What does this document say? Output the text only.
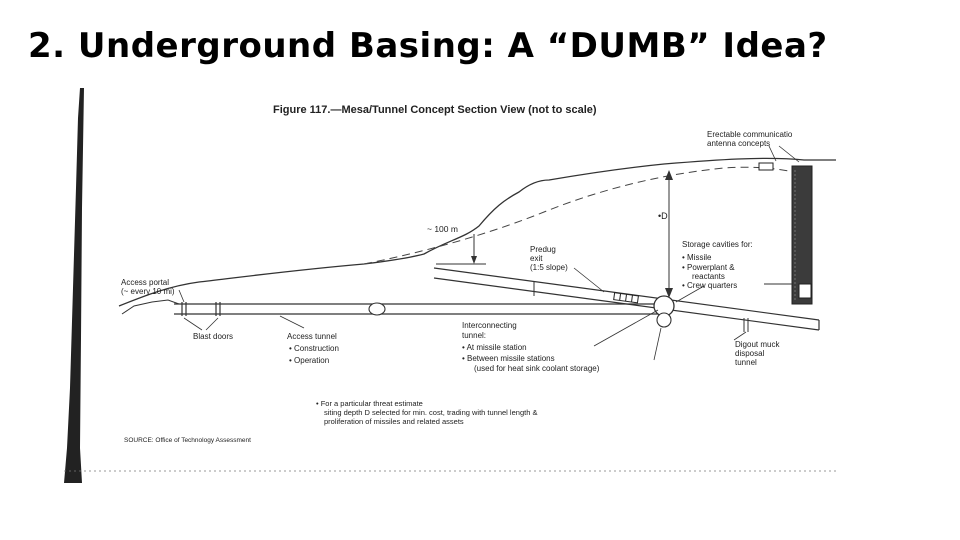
2. Underground Basing: A “DUMB” Idea?
Figure 117.—Mesa/Tunnel Concept Section View (not to scale)
•D
~ 100 m
Erectable communicatio
antenna concepts
Predug
exit
(1:5 slope)
Access portal
(~ every 10 mi)
Storage cavities for:
• Missile
• Powerplant &
reactants
• Crew quarters
Blast doors	Access tunnel
• Construction
• Operation
Interconnecting
tunnel:
• At missile station
• Between missile stations
(used for heat sink coolant storage)
Digout muck
disposal
tunnel
• For a particular threat estimate
siting depth D selected for min. cost, trading with tunnel length &
proliferation of missiles and related assets
SOURCE: Office of Technology Assessment
